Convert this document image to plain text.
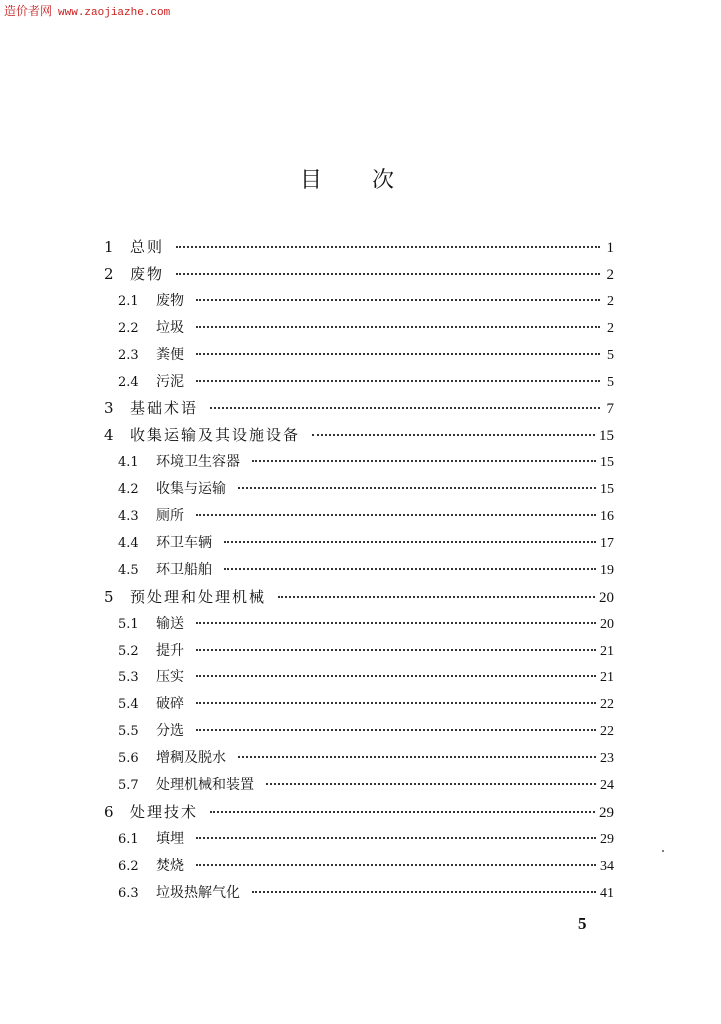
造价者网 www.zaojiazhe.com
目次
1	总则	1
2	废物	2
2.1	废物	2
2.2	垃圾	2
2.3	粪便	5
2.4	污泥	5
3	基础术语	7
4	收集运输及其设施设备	15
4.1	环境卫生容器	15
4.2	收集与运输	15
4.3	厕所	16
4.4	环卫车辆	17
4.5	环卫船舶	19
5	预处理和处理机械	20
5.1	输送	20
5.2	提升	21
5.3	压实	21
5.4	破碎	22
5.5	分选	22
5.6	增稠及脱水	23
5.7	处理机械和装置	24
6	处理技术	29
6.1	填埋	29
6.2	焚烧	34
6.3	垃圾热解气化	41
5
